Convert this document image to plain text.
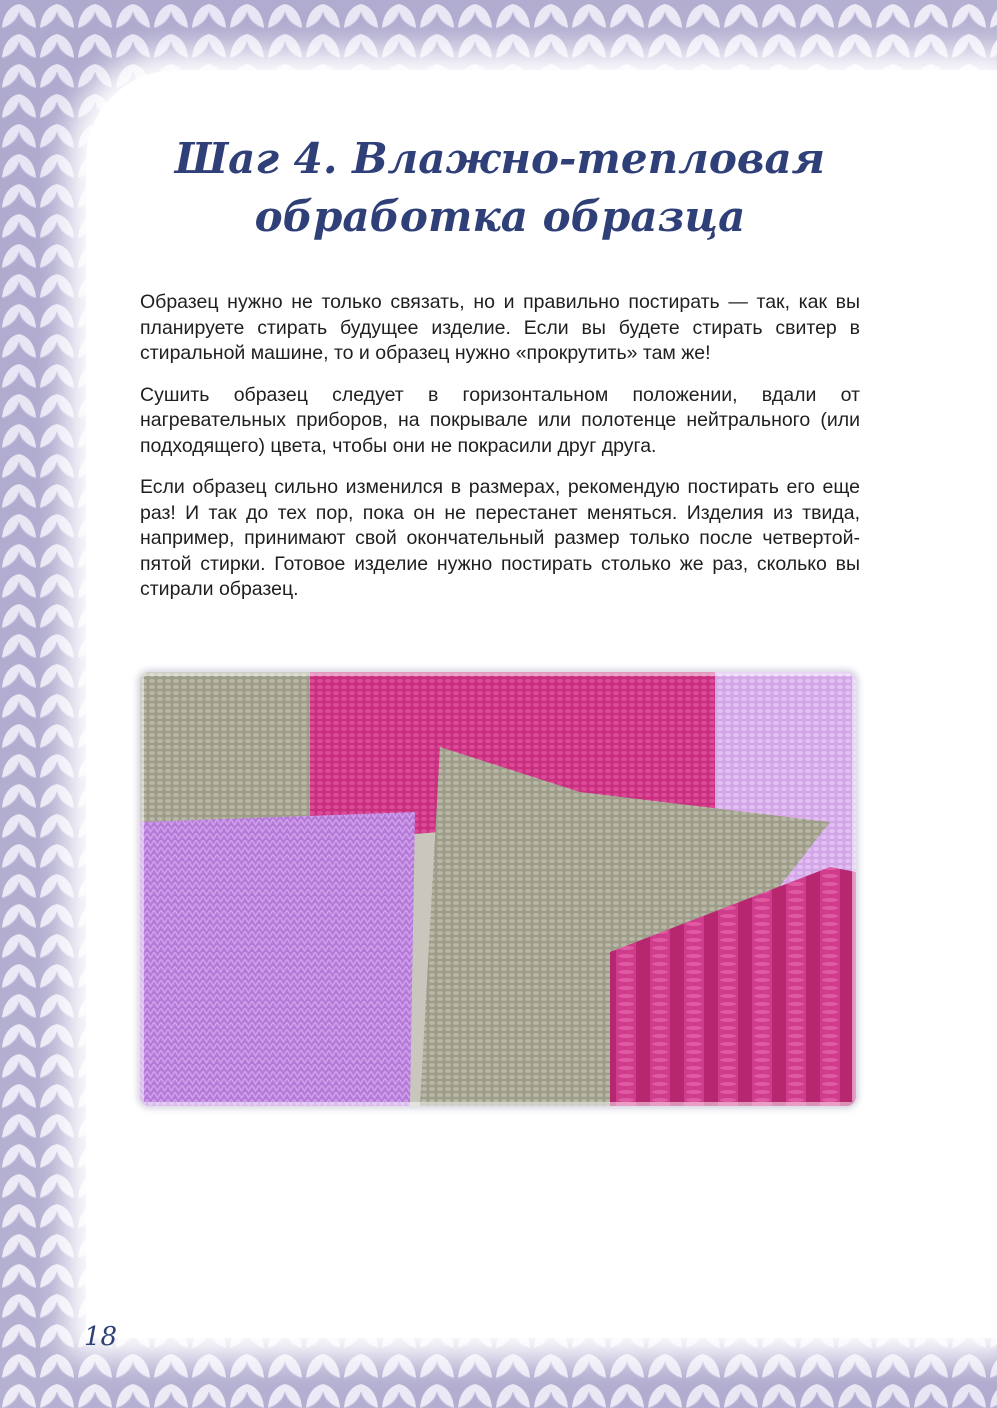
Шаг 4. Влажно-тепловая
обработка образца

Образец нужно не только связать, но и правильно постирать — так, как вы планируете стирать будущее изделие. Если вы будете стирать свитер в стиральной машине, то и образец нужно «прокрутить» там же!

Сушить образец следует в горизонтальном положении, вдали от нагревательных приборов, на покрывале или полотенце нейтрального (или подходящего) цвета, чтобы они не покрасили друг друга.

Если образец сильно изменился в размерах, рекомендую постирать его еще раз! И так до тех пор, пока он не перестанет меняться. Изделия из твида, например, принимают свой окончательный размер только после четвертой-пятой стирки. Готовое изделие нужно постирать столько же раз, сколько вы стирали образец.

18
